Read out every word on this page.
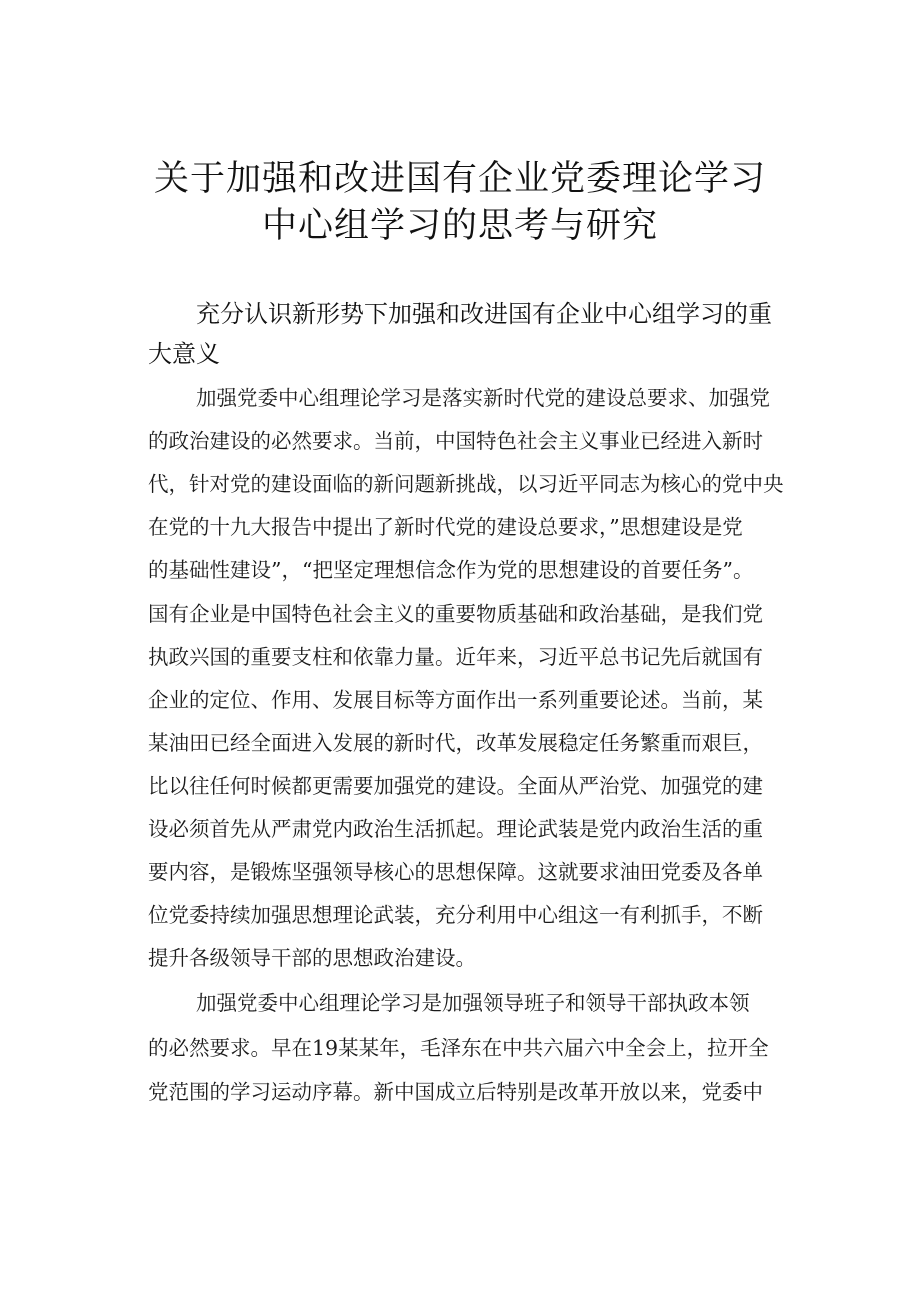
关于加强和改进国有企业党委理论学习
中心组学习的思考与研究
充分认识新形势下加强和改进国有企业中心组学习的重
大意义

加强党委中心组理论学习是落实新时代党的建设总要求、加强党

的政治建设的必然要求。当前，中国特色社会主义事业已经进入新时

代，针对党的建设面临的新问题新挑战，以习近平同志为核心的党中央

在党的十九大报告中提出了新时代党的建设总要求，”思想建设是党

的基础性建设”，“把坚定理想信念作为党的思想建设的首要任务”。

国有企业是中国特色社会主义的重要物质基础和政治基础，是我们党

执政兴国的重要支柱和依靠力量。近年来，习近平总书记先后就国有

企业的定位、作用、发展目标等方面作出一系列重要论述。当前，某

某油田已经全面进入发展的新时代，改革发展稳定任务繁重而艰巨，

比以往任何时候都更需要加强党的建设。全面从严治党、加强党的建

设必须首先从严肃党内政治生活抓起。理论武装是党内政治生活的重

要内容，是锻炼坚强领导核心的思想保障。这就要求油田党委及各单

位党委持续加强思想理论武装，充分利用中心组这一有利抓手，不断

提升各级领导干部的思想政治建设。

加强党委中心组理论学习是加强领导班子和领导干部执政本领

的必然要求。早在19某某年，毛泽东在中共六届六中全会上，拉开全

党范围的学习运动序幕。新中国成立后特别是改革开放以来，党委中
